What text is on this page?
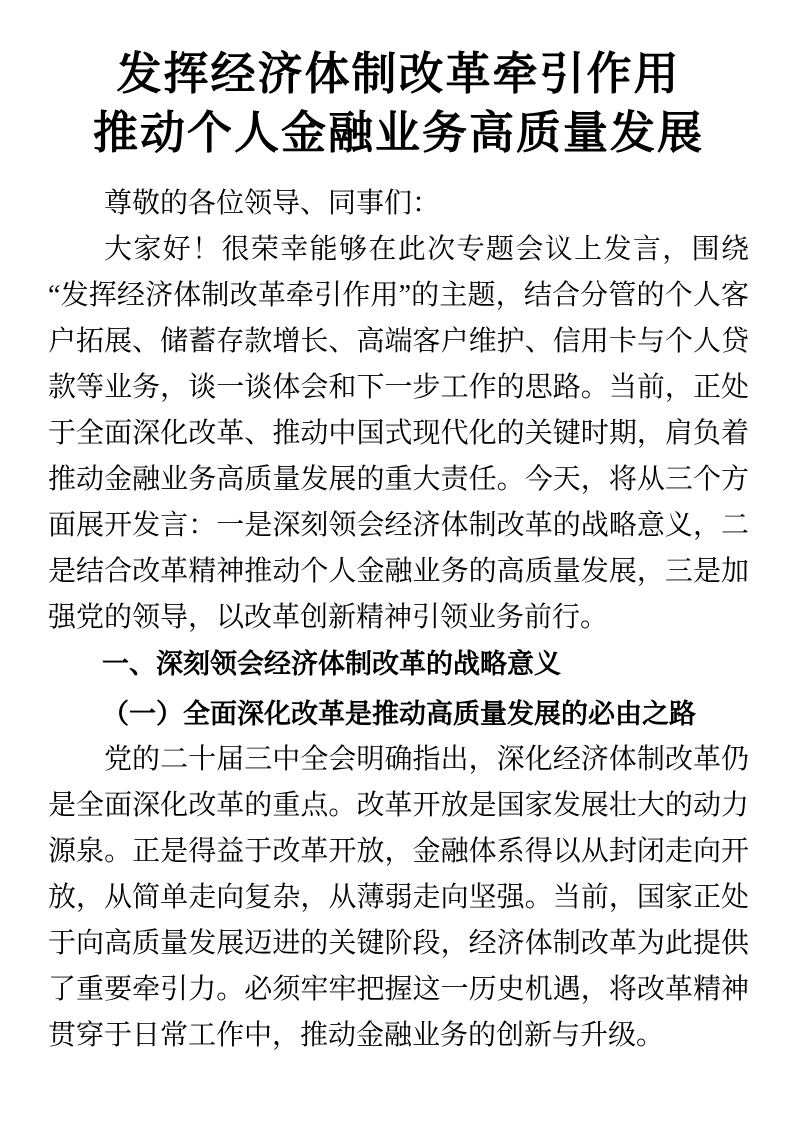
发挥经济体制改革牵引作用
推动个人金融业务高质量发展

尊敬的各位领导、同事们：

大家好！很荣幸能够在此次专题会议上发言，围绕“发挥经济体制改革牵引作用”的主题，结合分管的个人客户拓展、储蓄存款增长、高端客户维护、信用卡与个人贷款等业务，谈一谈体会和下一步工作的思路。当前，正处于全面深化改革、推动中国式现代化的关键时期，肩负着推动金融业务高质量发展的重大责任。今天，将从三个方面展开发言：一是深刻领会经济体制改革的战略意义，二是结合改革精神推动个人金融业务的高质量发展，三是加强党的领导，以改革创新精神引领业务前行。

一、深刻领会经济体制改革的战略意义
（一）全面深化改革是推动高质量发展的必由之路

党的二十届三中全会明确指出，深化经济体制改革仍是全面深化改革的重点。改革开放是国家发展壮大的动力源泉。正是得益于改革开放，金融体系得以从封闭走向开放，从简单走向复杂，从薄弱走向坚强。当前，国家正处于向高质量发展迈进的关键阶段，经济体制改革为此提供了重要牵引力。必须牢牢把握这一历史机遇，将改革精神贯穿于日常工作中，推动金融业务的创新与升级。
